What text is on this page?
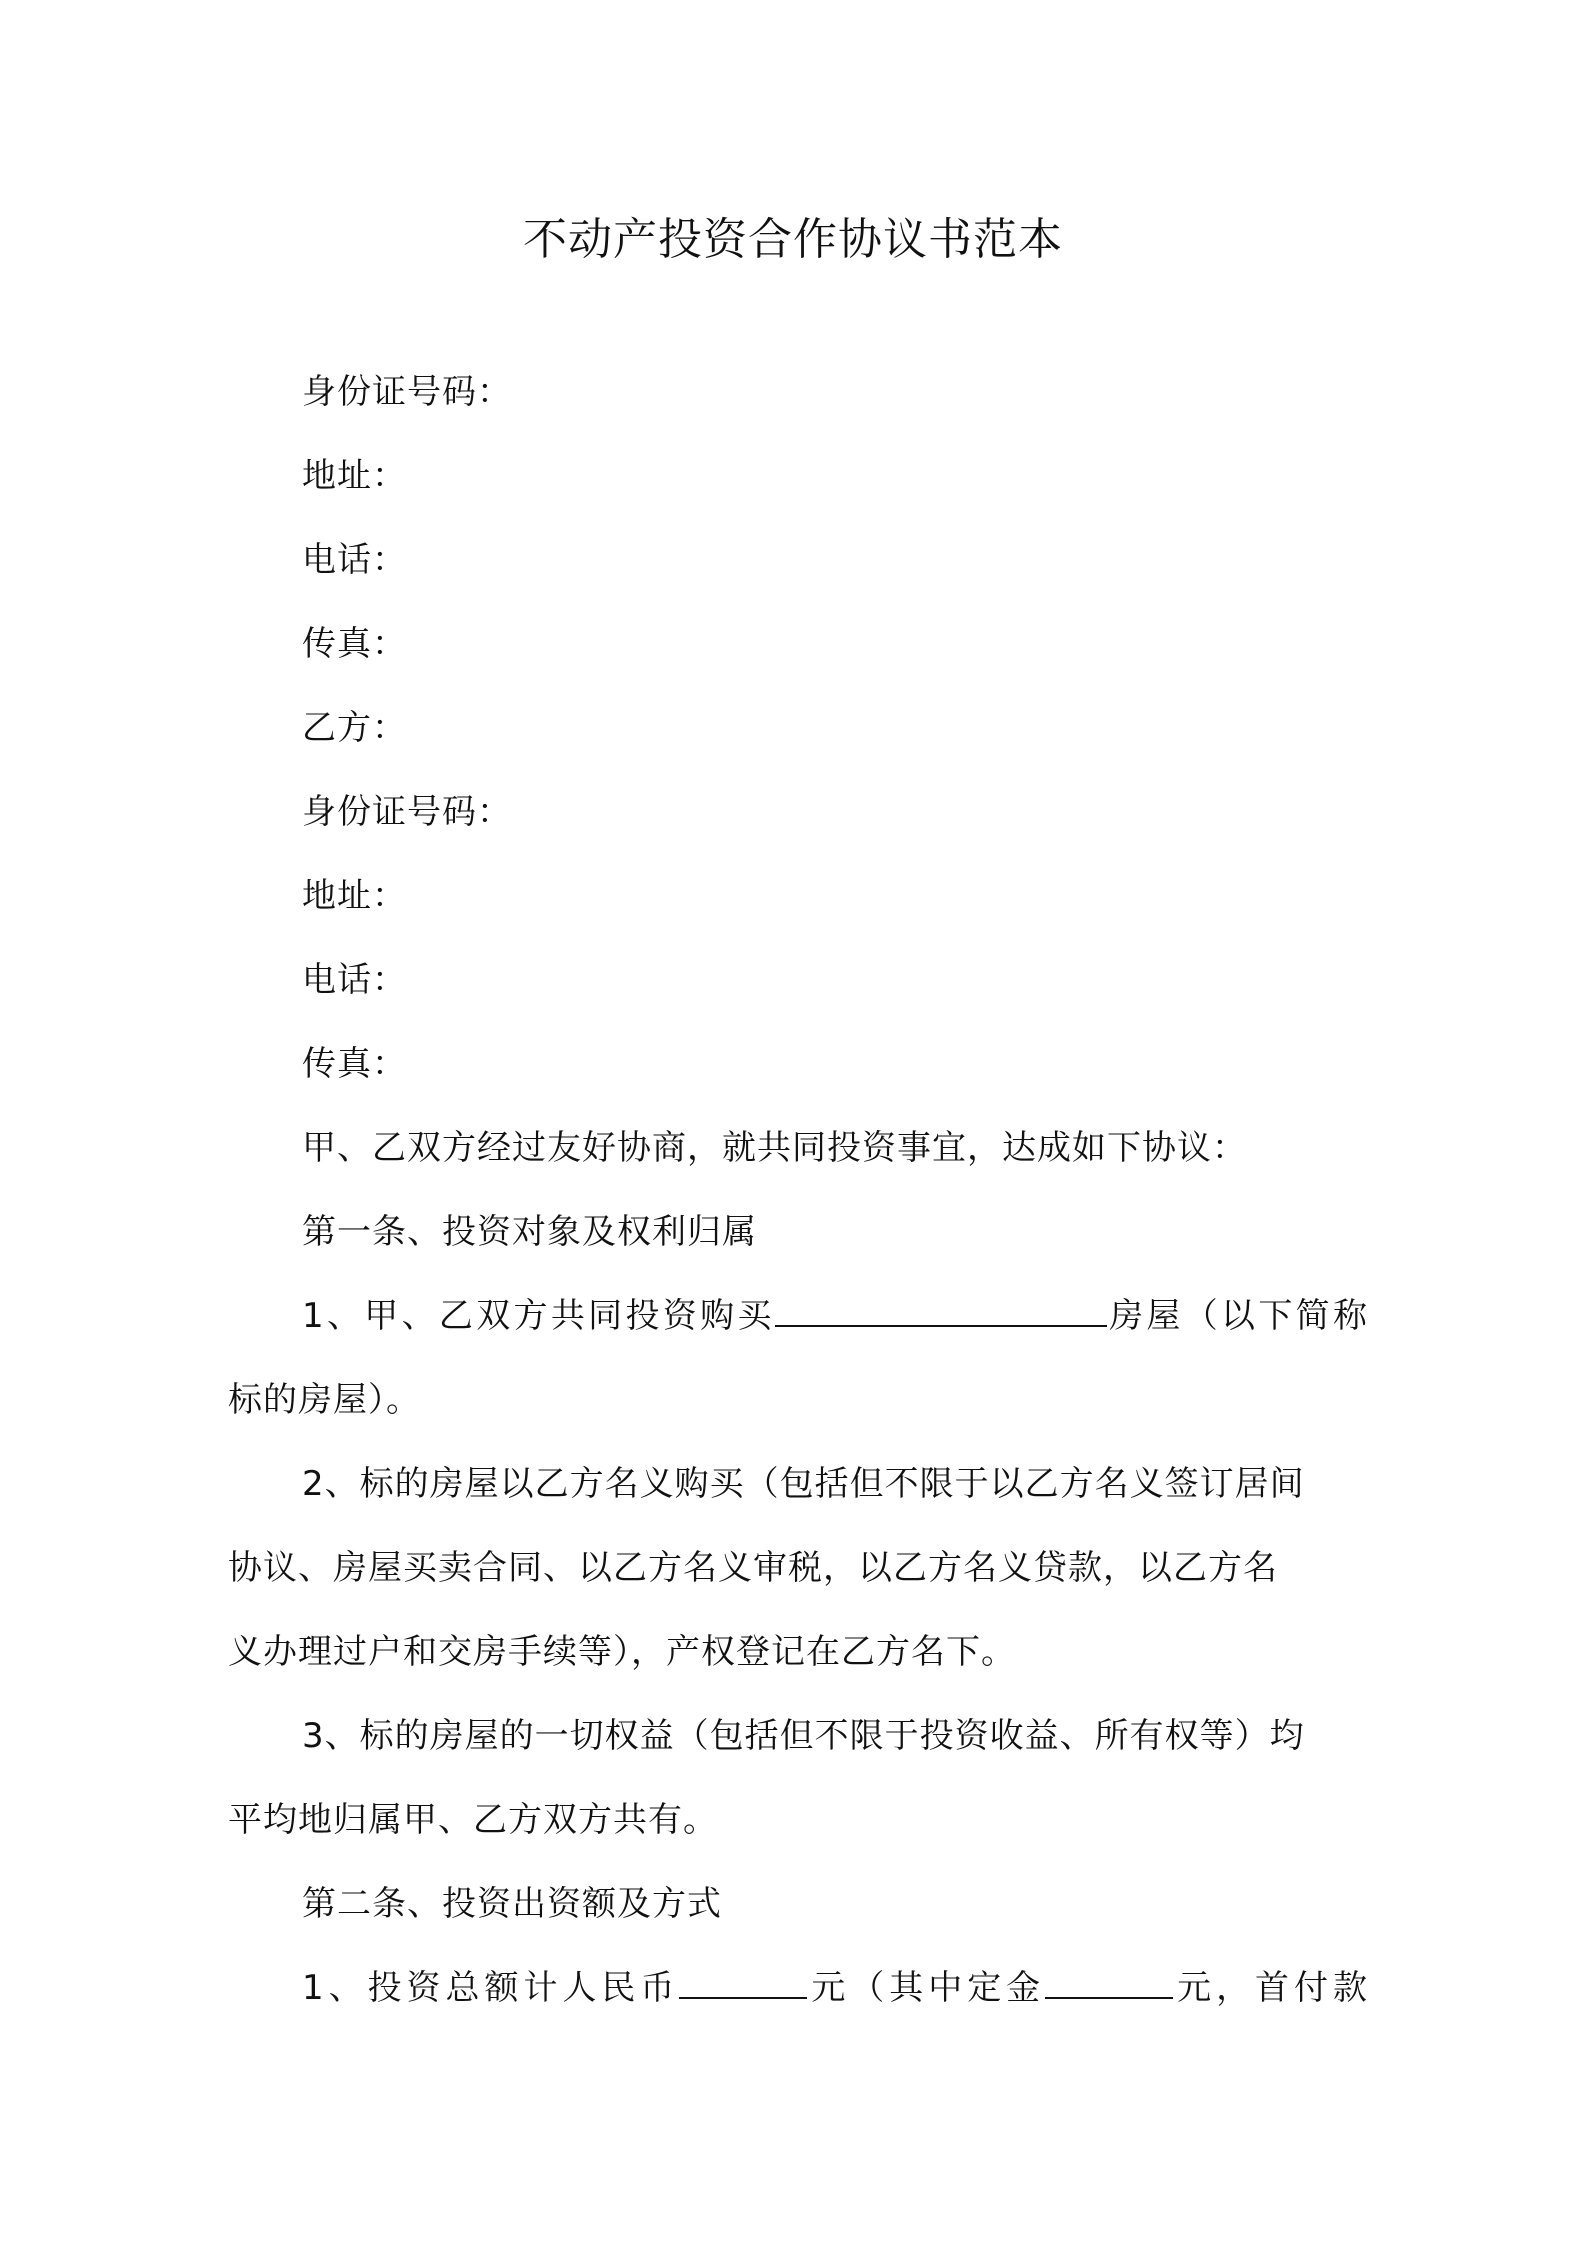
不动产投资合作协议书范本
身份证号码：
地址：
电话：
传真：
乙方：
身份证号码：
地址：
电话：
传真：
甲、乙双方经过友好协商，就共同投资事宜，达成如下协议：
第一条、投资对象及权利归属
1、甲、乙双方共同投资购买	房屋（以下简称
标的房屋）。
2、标的房屋以乙方名义购买（包括但不限于以乙方名义签订居间
协议、房屋买卖合同、以乙方名义审税，以乙方名义贷款，以乙方名
义办理过户和交房手续等），产权登记在乙方名下。
3、标的房屋的一切权益（包括但不限于投资收益、所有权等）均
平均地归属甲、乙方双方共有。
第二条、投资出资额及方式
1、投资总额计人民币	元（其中定金	元，首付款
